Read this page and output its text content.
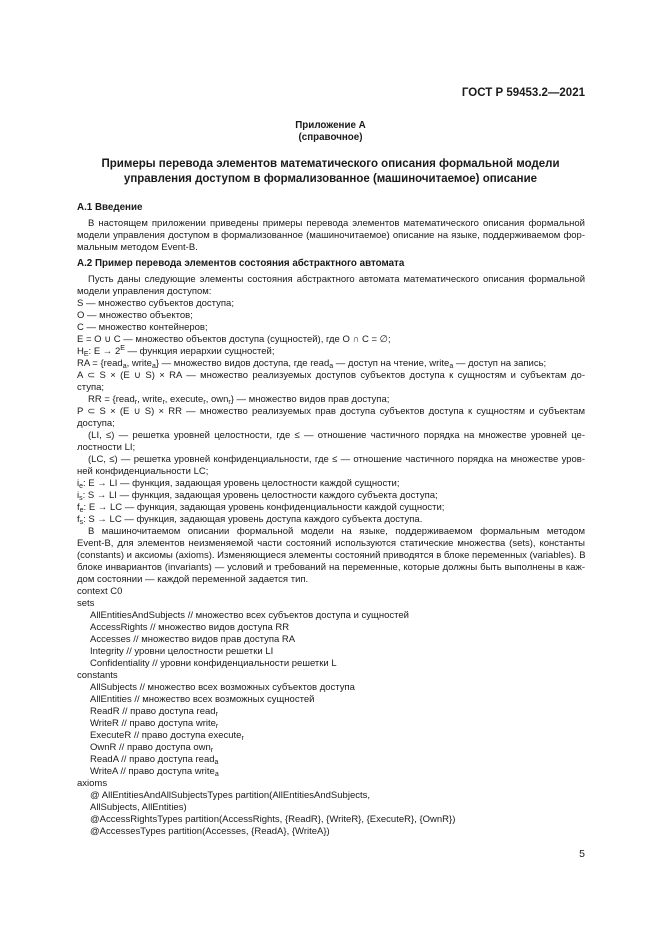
ГОСТ Р 59453.2—2021
Приложение А
(справочное)
Примеры перевода элементов математического описания формальной модели
управления доступом в формализованное (машиночитаемое) описание
А.1 Введение
В настоящем приложении приведены примеры перевода элементов математического описания формальной
модели управления доступом в формализованное (машиночитаемое) описание на языке, поддерживаемом фор-
мальным методом Event-B.
А.2 Пример перевода элементов состояния абстрактного автомата
Пусть даны следующие элементы состояния абстрактного автомата математического описания формальной
модели управления доступом:
S — множество субъектов доступа;
O — множество объектов;
C — множество контейнеров;
E = O ∪ C — множество объектов доступа (сущностей), где O ∩ C = ∅;
$H_E$: $E \to 2^E$ — функция иерархии сущностей;
RA = {read$_a$, write$_a$} — множество видов доступа, где read$_a$ — доступ на чтение, write$_a$ — доступ на запись;
A ⊂ S × (E ∪ S) × RA — множество реализуемых доступов субъектов доступа к сущностям и субъектам до-
ступа;
RR = {read$_r$, write$_r$, execute$_r$, own$_r$} — множество видов прав доступа;
P ⊂ S × (E ∪ S) × RR — множество реализуемых прав доступа субъектов доступа к сущностям и субъектам
доступа;
(LI, ≤) — решетка уровней целостности, где ≤ — отношение частичного порядка на множестве уровней це-
лостности LI;
(LC, ≤) — решетка уровней конфиденциальности, где ≤ — отношение частичного порядка на множестве уров-
ней конфиденциальности LC;
$i_e$: E → LI — функция, задающая уровень целостности каждой сущности;
$i_s$: S → LI — функция, задающая уровень целостности каждого субъекта доступа;
$f_e$: E → LC — функция, задающая уровень конфиденциальности каждой сущности;
$f_s$: S → LC — функция, задающая уровень доступа каждого субъекта доступа.
В машиночитаемом описании формальной модели на языке, поддерживаемом формальным методом
Event-B, для элементов неизменяемой части состояний используются статические множества (sets), константы
(constants) и аксиомы (axioms). Изменяющиеся элементы состояний приводятся в блоке переменных (variables). В
блоке инвариантов (invariants) — условий и требований на переменные, которые должны быть выполнены в каж-
дом состоянии — каждой переменной задается тип.
context C0
sets
AllEntitiesAndSubjects // множество всех субъектов доступа и сущностей
AccessRights // множество видов доступа RR
Accesses // множество видов прав доступа RA
Integrity // уровни целостности решетки LI
Confidentiality // уровни конфиденциальности решетки L
constants
AllSubjects // множество всех возможных субъектов доступа
AllEntities // множество всех возможных сущностей
ReadR // право доступа read$_r$
WriteR // право доступа write$_r$
ExecuteR // право доступа execute$_r$
OwnR // право доступа own$_r$
ReadA // право доступа read$_a$
WriteA // право доступа write$_a$
axioms
@ AllEntitiesAndAllSubjectsTypes partition(AllEntitiesAndSubjects,
AllSubjects, AllEntities)
@AccessRightsTypes partition(AccessRights, {ReadR}, {WriteR}, {ExecuteR}, {OwnR})
@AccessesTypes partition(Accesses, {ReadA}, {WriteA})
5
